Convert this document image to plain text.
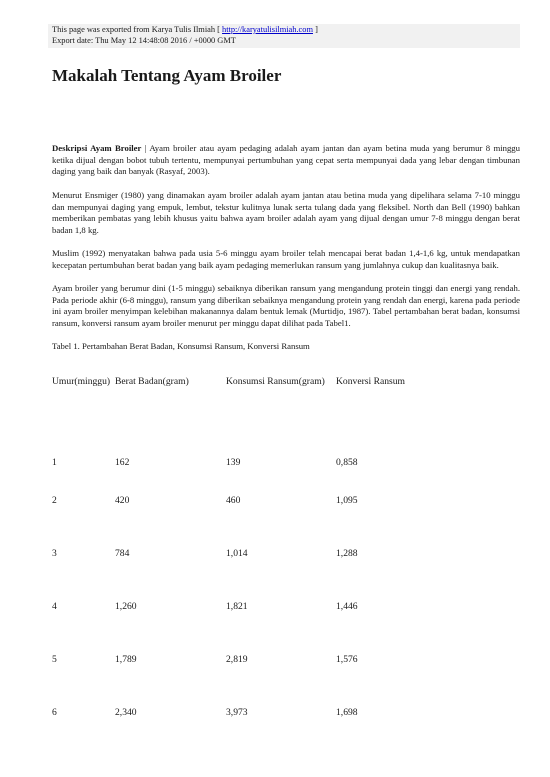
This page was exported from Karya Tulis Ilmiah [ http://karyatulisilmiah.com ]
Export date: Thu May 12 14:48:08 2016 / +0000 GMT
Makalah Tentang Ayam Broiler

Deskripsi Ayam Broiler | Ayam broiler atau ayam pedaging adalah ayam jantan dan ayam betina muda yang berumur 8 minggu ketika dijual dengan bobot tubuh tertentu, mempunyai pertumbuhan yang cepat serta mempunyai dada yang lebar dengan timbunan daging yang baik dan banyak (Rasyaf, 2003).

Menurut Ensmiger (1980) yang dinamakan ayam broiler adalah ayam jantan atau betina muda yang dipelihara selama 7-10 minggu dan mempunyai daging yang empuk, lembut, tekstur kulitnya lunak serta tulang dada yang fleksibel. North dan Bell (1990) bahkan memberikan pembatas yang lebih khusus yaitu bahwa ayam broiler adalah ayam yang dijual dengan umur 7-8 minggu dengan berat badan 1,8 kg.

Muslim (1992) menyatakan bahwa pada usia 5-6 minggu ayam broiler telah mencapai berat badan 1,4-1,6 kg, untuk mendapatkan kecepatan pertumbuhan berat badan yang baik ayam pedaging memerlukan ransum yang jumlahnya cukup dan kualitasnya baik.

Ayam broiler yang berumur dini (1-5 minggu) sebaiknya diberikan ransum yang mengandung protein tinggi dan energi yang rendah. Pada periode akhir (6-8 minggu), ransum yang diberikan sebaiknya mengandung protein yang rendah dan energi, karena pada periode ini ayam broiler menyimpan kelebihan makanannya dalam bentuk lemak (Murtidjo, 1987). Tabel pertambahan berat badan, konsumsi ransum, konversi ransum ayam broiler menurut per minggu dapat dilihat pada Tabel1.

Tabel 1. Pertambahan Berat Badan, Konsumsi Ransum, Konversi Ransum

Umur(minggu)	Berat Badan(gram)	Konsumsi Ransum(gram)	Konversi Ransum
1	162	139	0,858
2	420	460	1,095
3	784	1,014	1,288
4	1,260	1,821	1,446
5	1,789	2,819	1,576
6	2,340	3,973	1,698
